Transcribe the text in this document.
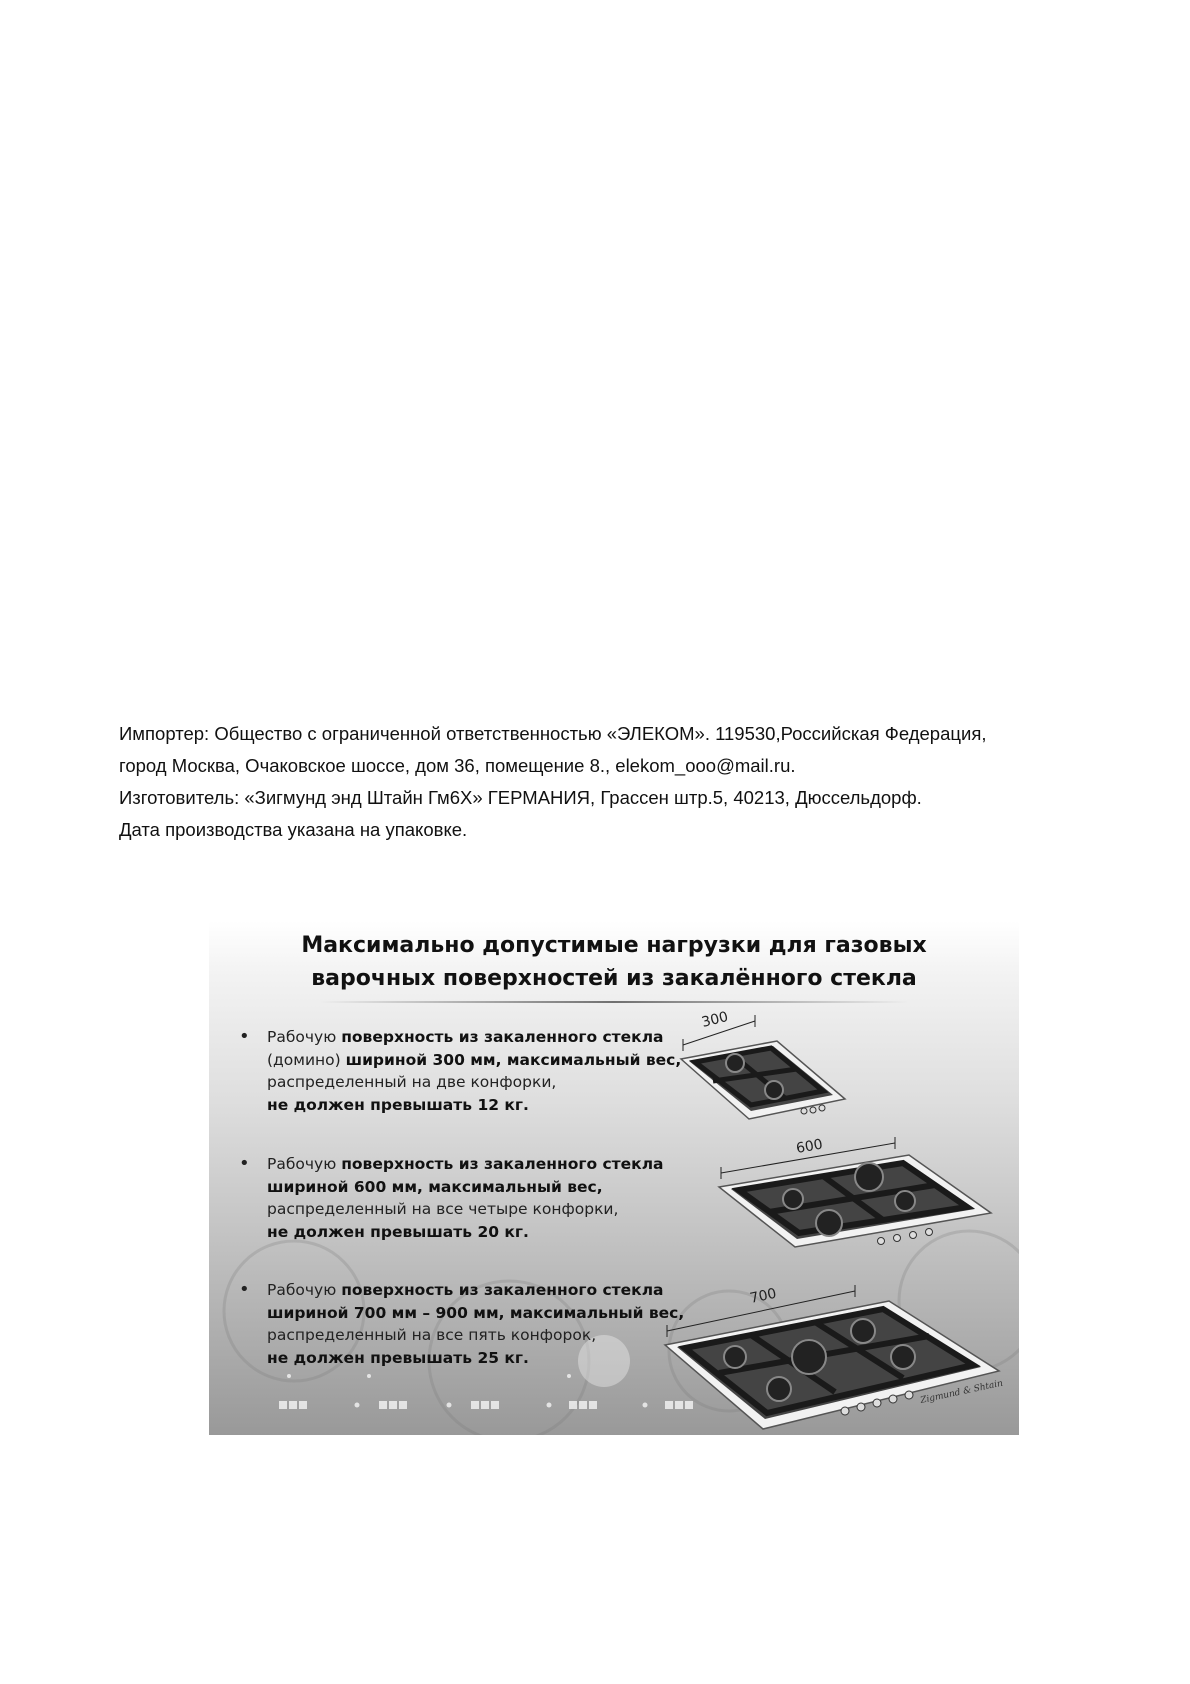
Импортер: Общество с ограниченной ответственностью «ЭЛЕКОМ». 119530,Российская Федерация,

город Москва, Очаковское шоссе, дом 36, помещение 8., elekom_ooo@mail.ru.

Изготовитель: «Зигмунд энд Штайн Гм6Х» ГЕРМАНИЯ, Грассен штр.5, 40213, Дюссельдорф.

Дата производства указана на упаковке.

Максимально допустимые нагрузки для газовых
варочных поверхностей из закалённого стекла
• Рабочую поверхность из закаленного стекла
(домино) шириной 300 мм, максимальный вес,
распределенный на две конфорки,
не должен превышать 12 кг.
• Рабочую поверхность из закаленного стекла
шириной 600 мм, максимальный вес,
распределенный на все четыре конфорки,
не должен превышать 20 кг.
• Рабочую поверхность из закаленного стекла
шириной 700 мм – 900 мм, максимальный вес,
распределенный на все пять конфорок,
не должен превышать 25 кг.
300
600
700
Zigmund & Shtain
